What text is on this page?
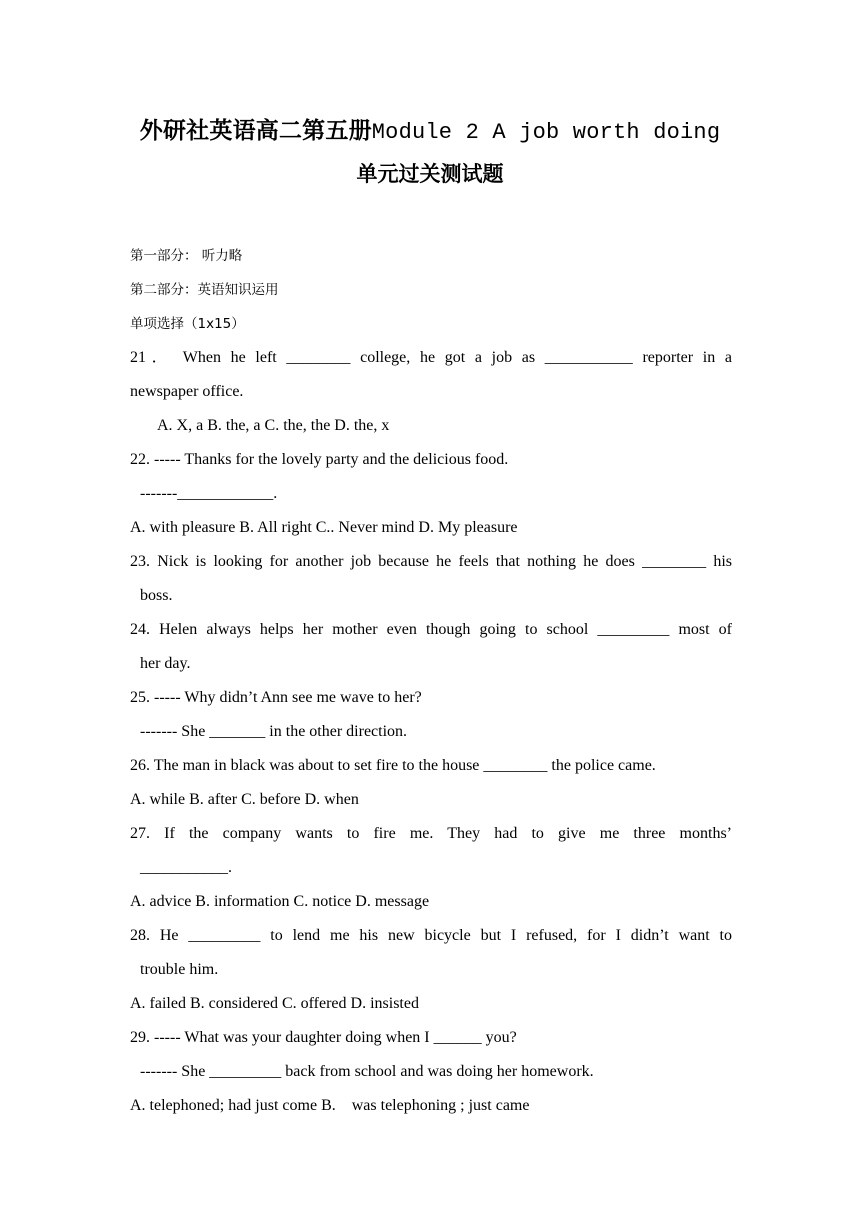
外研社英语高二第五册Module 2 A job worth doing
单元过关测试题
第一部分： 听力略
第二部分：英语知识运用
单项选择（1x15）
21． When he left ________ college, he got a job as ___________ reporter in a
newspaper office.
A. X, a B. the, a C. the, the D. the, x
22. ----- Thanks for the lovely party and the delicious food.
-------____________.
A. with pleasure B. All right C.. Never mind D. My pleasure
23. Nick is looking for another job because he feels that nothing he does ________ his
boss.
24. Helen always helps her mother even though going to school _________ most of
her day.
25. ----- Why didn’t Ann see me wave to her?
------- She _______ in the other direction.
26. The man in black was about to set fire to the house ________ the police came.
A. while B. after C. before D. when
27. If the company wants to fire me. They had to give me three months’
___________.
A. advice B. information C. notice D. message
28. He _________ to lend me his new bicycle but I refused, for I didn’t want to
trouble him.
A. failed B. considered C. offered D. insisted
29. ----- What was your daughter doing when I ______ you?
------- She _________ back from school and was doing her homework.
A. telephoned; had just come B.    was telephoning ; just came
